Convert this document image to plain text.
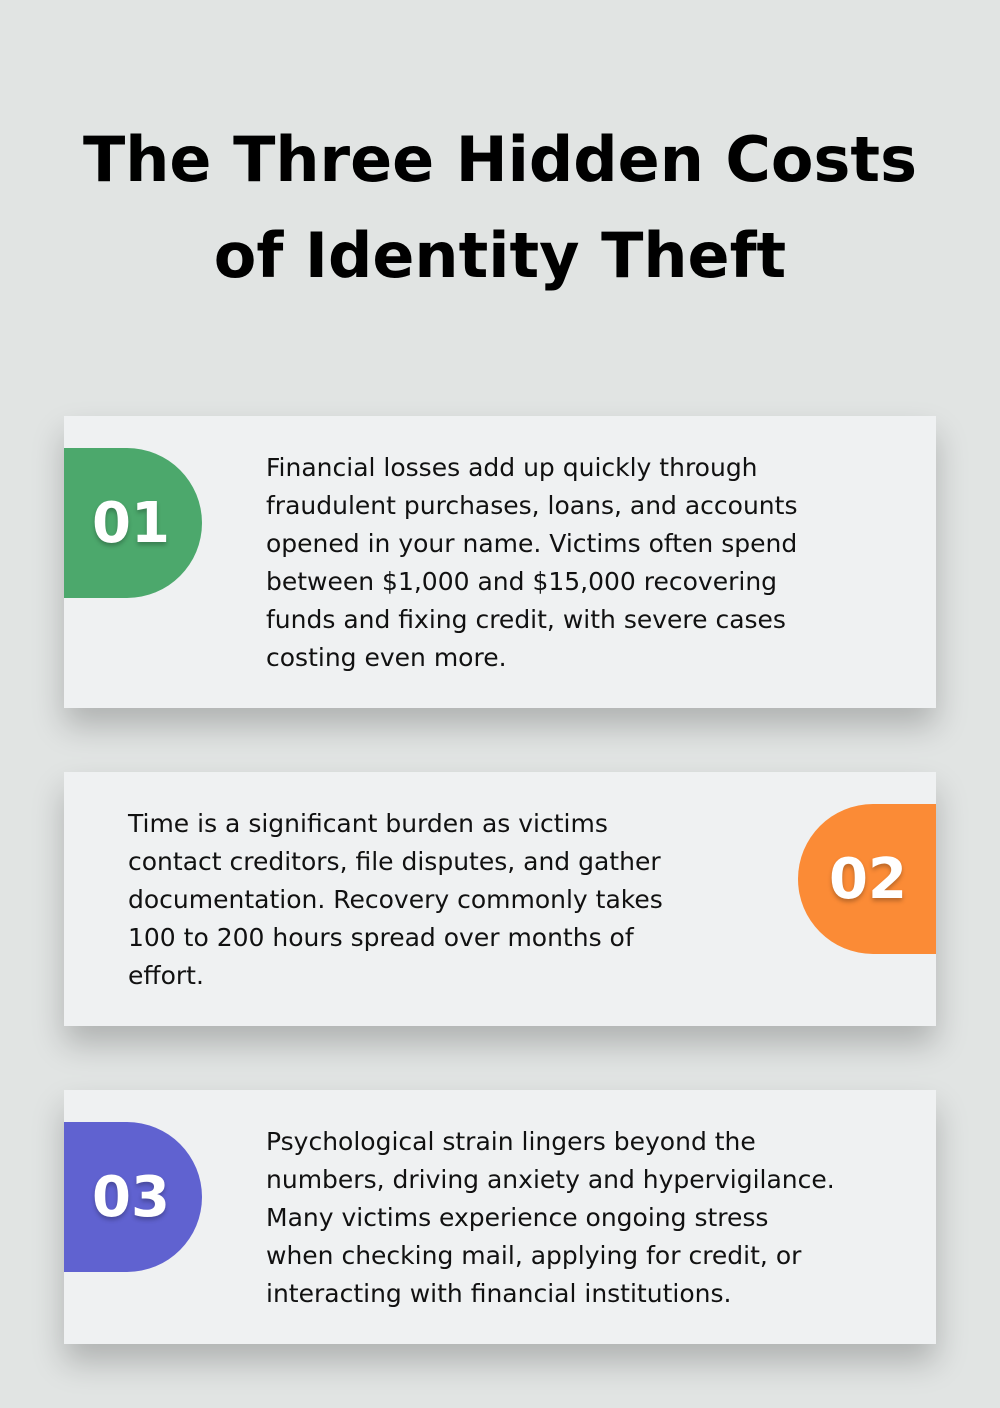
The Three Hidden Costs
of Identity Theft
01
Financial losses add up quickly through
fraudulent purchases, loans, and accounts
opened in your name. Victims often spend
between $1,000 and $15,000 recovering
funds and fixing credit, with severe cases
costing even more.
Time is a significant burden as victims
contact creditors, file disputes, and gather
documentation. Recovery commonly takes
100 to 200 hours spread over months of
effort.
02
03
Psychological strain lingers beyond the
numbers, driving anxiety and hypervigilance.
Many victims experience ongoing stress
when checking mail, applying for credit, or
interacting with financial institutions.
